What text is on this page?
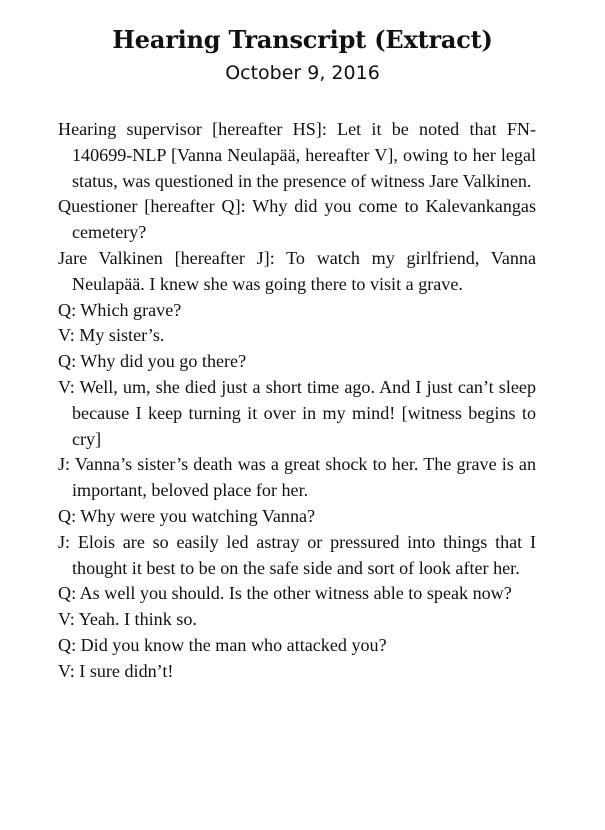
Hearing Transcript (Extract)
October 9, 2016

Hearing supervisor [hereafter HS]: Let it be noted that FN-140699-NLP [Vanna Neulapää, hereafter V], owing to her legal status, was questioned in the presence of witness Jare Valkinen.

Questioner [hereafter Q]: Why did you come to Kalevankangas cemetery?

Jare Valkinen [hereafter J]: To watch my girlfriend, Vanna Neulapää. I knew she was going there to visit a grave.

Q: Which grave?

V: My sister’s.

Q: Why did you go there?

V: Well, um, she died just a short time ago. And I just can’t sleep because I keep turning it over in my mind! [witness begins to cry]

J: Vanna’s sister’s death was a great shock to her. The grave is an important, beloved place for her.

Q: Why were you watching Vanna?

J: Elois are so easily led astray or pressured into things that I thought it best to be on the safe side and sort of look after her.

Q: As well you should. Is the other witness able to speak now?

V: Yeah. I think so.

Q: Did you know the man who attacked you?

V: I sure didn’t!
